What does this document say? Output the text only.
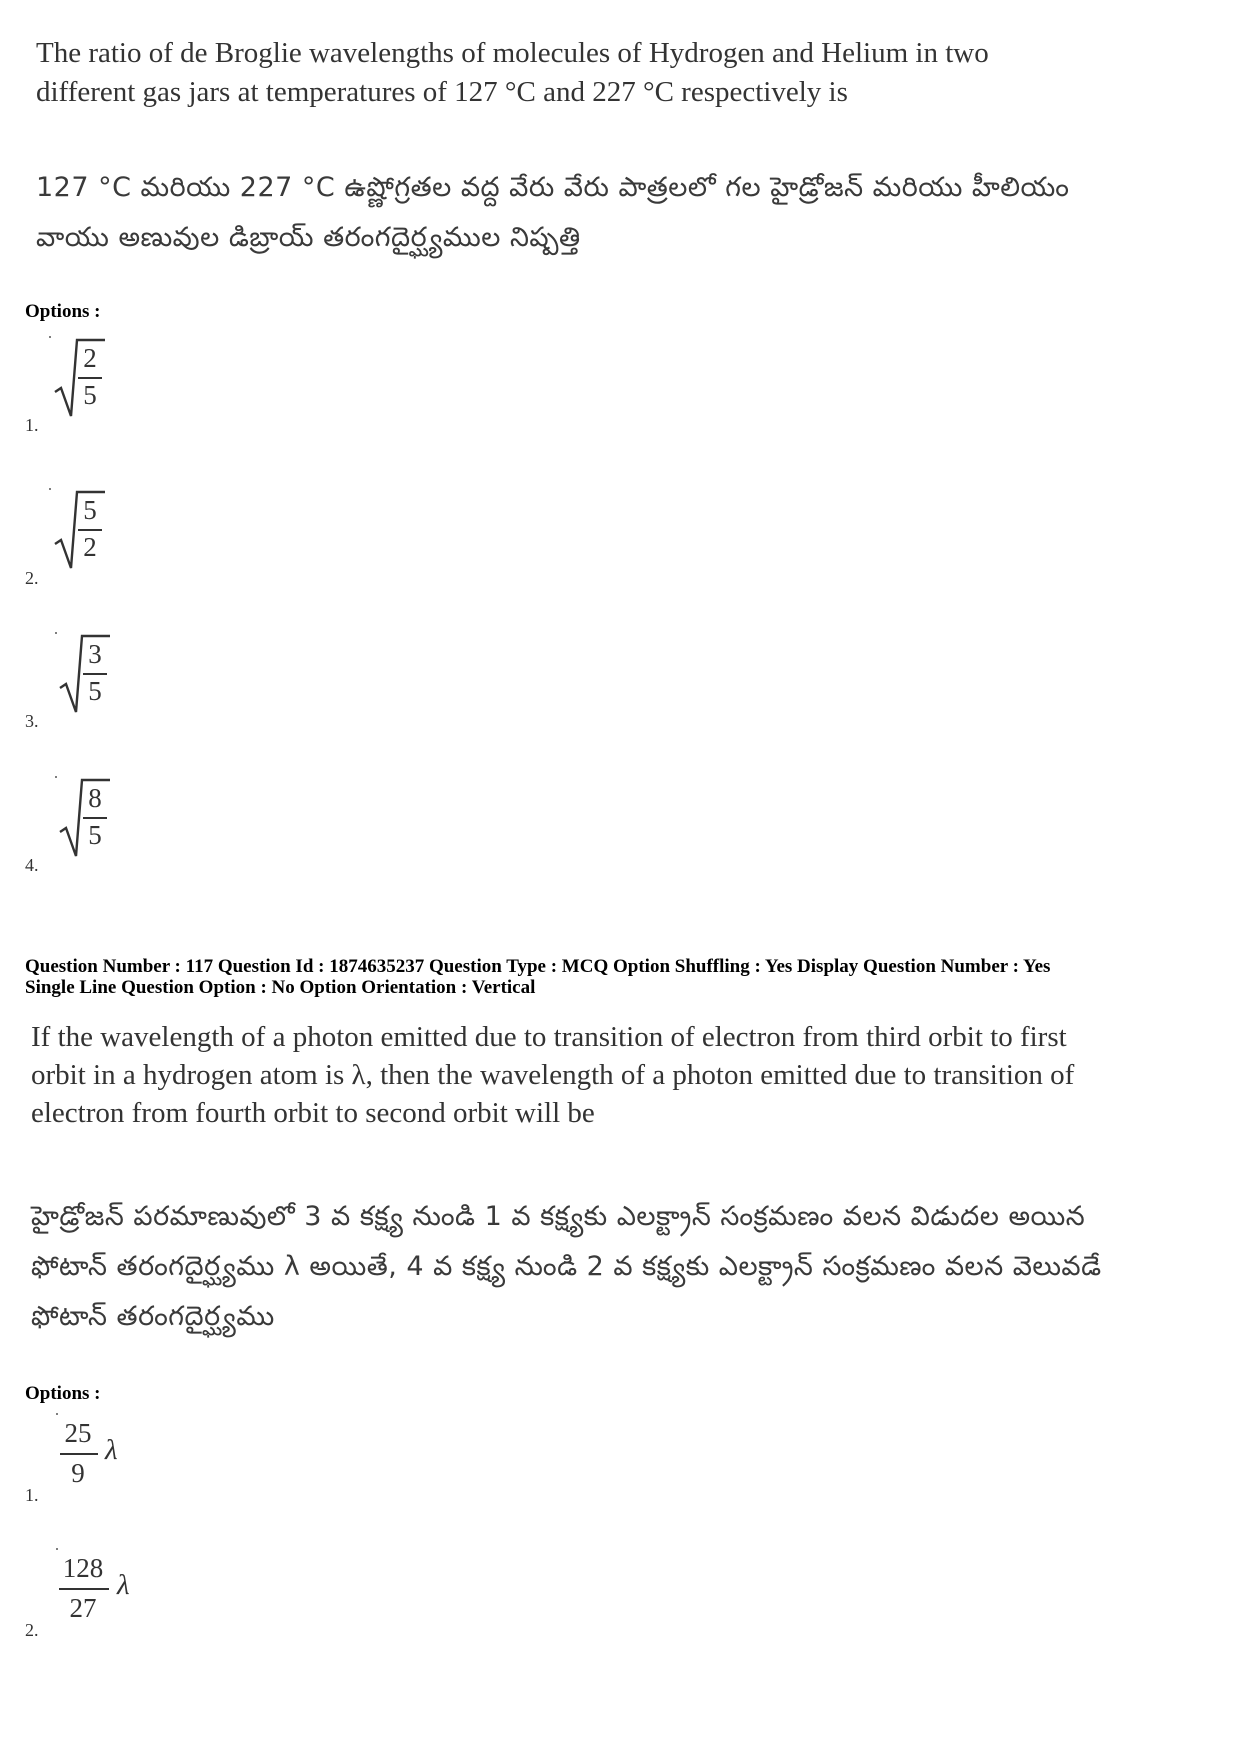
The ratio of de Broglie wavelengths of molecules of Hydrogen and Helium in two
different gas jars at temperatures of 127 °C and 227 °C respectively is
127 °C మరియు 227 °C ఉష్ణోగ్రతల వద్ద వేరు వేరు పాత్రలలో గల హైడ్రోజన్ మరియు హీలియం
వాయు అణువుల డిబ్రాయ్ తరంగదైర్ఘ్యముల నిష్పత్తి
Options :
2
5
1.
5
2
2.
3
5
3.
8
5
4.
Question Number : 117 Question Id : 1874635237 Question Type : MCQ Option Shuffling : Yes Display Question Number : Yes
Single Line Question Option : No Option Orientation : Vertical
If the wavelength of a photon emitted due to transition of electron from third orbit to first
orbit in a hydrogen atom is λ, then the wavelength of a photon emitted due to transition of
electron from fourth orbit to second orbit will be
హైడ్రోజన్ పరమాణువులో 3 వ కక్ష్య నుండి 1 వ కక్ష్యకు ఎలక్ట్రాన్ సంక్రమణం వలన విడుదల అయిన
ఫోటాన్ తరంగదైర్ఘ్యము λ అయితే, 4 వ కక్ష్య నుండి 2 వ కక్ష్యకు ఎలక్ట్రాన్ సంక్రమణం వలన వెలువడే
ఫోటాన్ తరంగదైర్ఘ్యము
Options :
25
9
λ
1.
128
27
λ
2.
